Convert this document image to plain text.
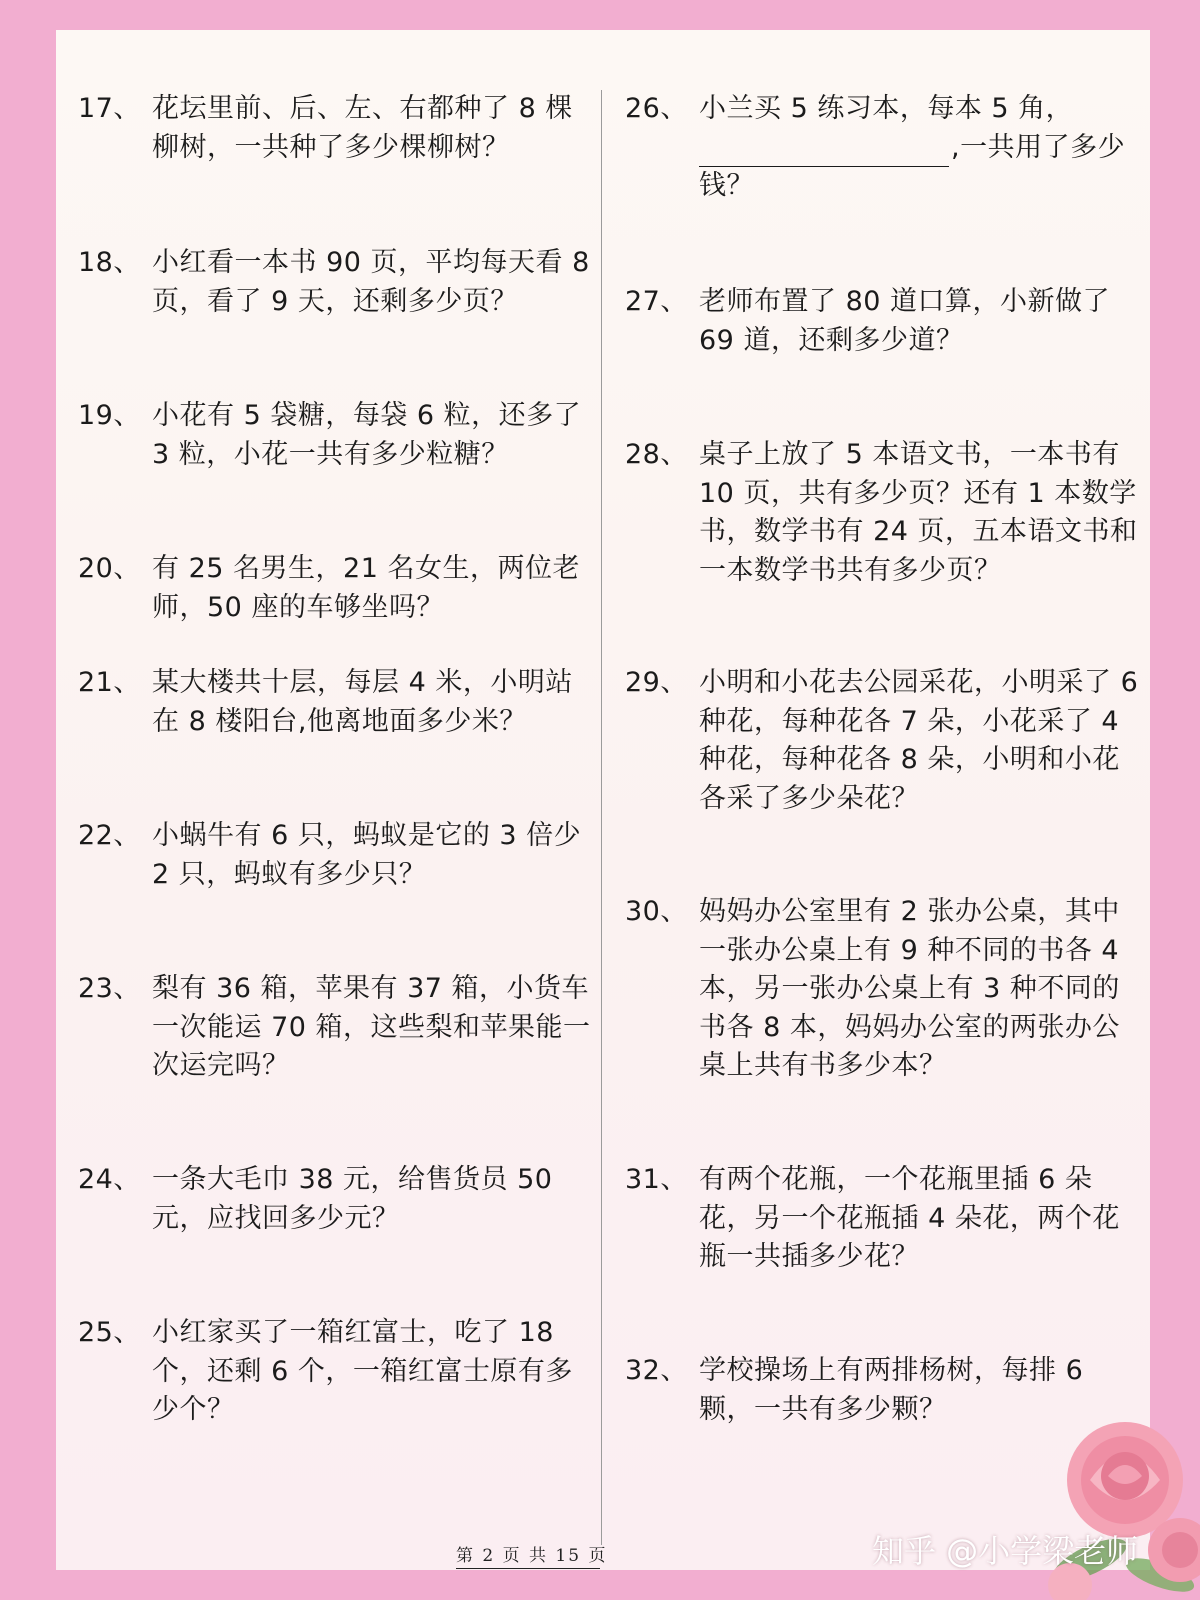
17、 花坛里前、后、左、右都种了 8 棵柳树，一共种了多少棵柳树？
18、 小红看一本书 90 页，平均每天看 8 页，看了 9 天，还剩多少页？
19、 小花有 5 袋糖，每袋 6 粒，还多了 3 粒，小花一共有多少粒糖？
20、 有 25 名男生，21 名女生，两位老师，50 座的车够坐吗？
21、 某大楼共十层，每层 4 米，小明站在 8 楼阳台,他离地面多少米？
22、 小蜗牛有 6 只，蚂蚁是它的 3 倍少 2 只，蚂蚁有多少只？
23、 梨有 36 箱，苹果有 37 箱，小货车一次能运 70 箱，这些梨和苹果能一次运完吗？
24、 一条大毛巾 38 元，给售货员 50 元，应找回多少元？
25、 小红家买了一箱红富士，吃了 18 个，还剩 6 个，一箱红富士原有多少个？
26、 小兰买 5 练习本，每本 5 角，
,一共用了多少钱？
27、 老师布置了 80 道口算，小新做了 69 道，还剩多少道？
28、 桌子上放了 5 本语文书，一本书有 10 页，共有多少页？还有 1 本数学书，数学书有 24 页，五本语文书和一本数学书共有多少页？
29、 小明和小花去公园采花，小明采了 6 种花，每种花各 7 朵，小花采了 4 种花，每种花各 8 朵，小明和小花各采了多少朵花？
30、 妈妈办公室里有 2 张办公桌，其中一张办公桌上有 9 种不同的书各 4 本，另一张办公桌上有 3 种不同的书各 8 本，妈妈办公室的两张办公桌上共有书多少本？
31、 有两个花瓶，一个花瓶里插 6 朵花，另一个花瓶插 4 朵花，两个花瓶一共插多少花？
32、 学校操场上有两排杨树，每排 6 颗，一共有多少颗？
知乎 @小学梁老师
第 2 页 共 15 页
